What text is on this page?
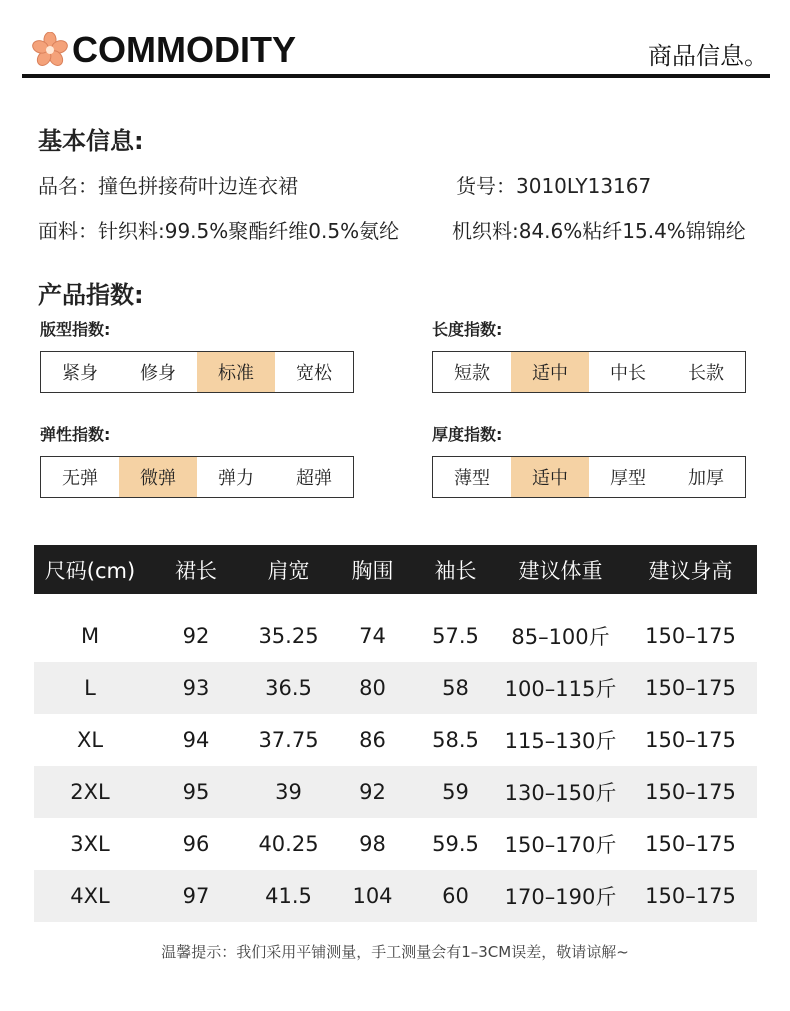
COMMODITY	商品信息。
基本信息:
品名：撞色拼接荷叶边连衣裙	货号：3010LY13167
面料：针织料:99.5%聚酯纤维0.5%氨纶	机织料:84.6%粘纤15.4%锦锦纶
产品指数:
版型指数:
紧身	修身	标准	宽松
长度指数:
短款	适中	中长	长款
弹性指数:
无弹	微弹	弹力	超弹
厚度指数:
薄型	适中	厚型	加厚
尺码(cm)	裙长	肩宽	胸围	袖长	建议体重	建议身高

M	92	35.25	74	57.5	85–100斤	150–175
L	93	36.5	80	58	100–115斤	150–175
XL	94	37.75	86	58.5	115–130斤	150–175
2XL	95	39	92	59	130–150斤	150–175
3XL	96	40.25	98	59.5	150–170斤	150–175
4XL	97	41.5	104	60	170–190斤	150–175
温馨提示：我们采用平铺测量，手工测量会有1–3CM误差，敬请谅解~
